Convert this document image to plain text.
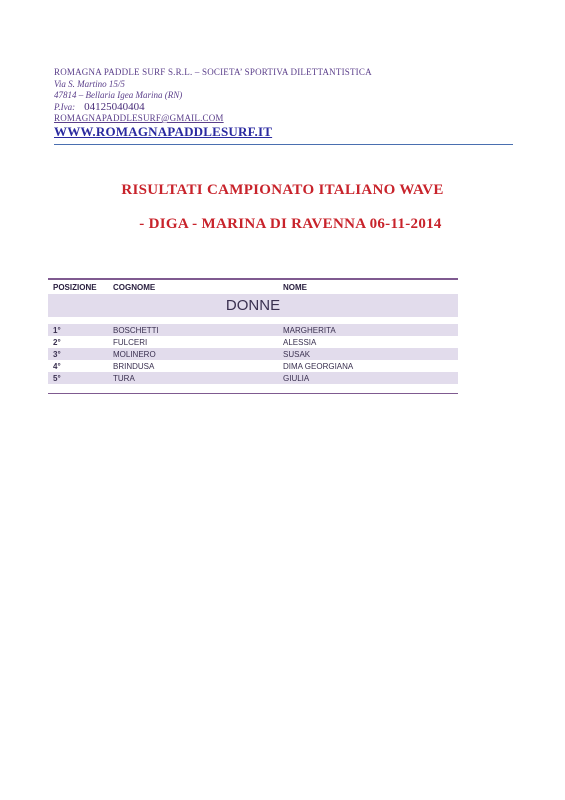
ROMAGNA PADDLE SURF S.R.L. – SOCIETA’ SPORTIVA DILETTANTISTICA
Via S. Martino 15/5
47814 – Bellaria Igea Marina (RN)
P.Iva: 04125040404
ROMAGNAPADDLESURF@GMAIL.COM
WWW.ROMAGNAPADDLESURF.IT
RISULTATI CAMPIONATO ITALIANO WAVE
- DIGA - MARINA DI RAVENNA 06-11-2014
POSIZIONE	COGNOME	NOME
DONNE
1°	BOSCHETTI	MARGHERITA
2°	FULCERI	ALESSIA
3°	MOLINERO	SUSAK
4°	BRINDUSA	DIMA GEORGIANA
5°	TURA	GIULIA
